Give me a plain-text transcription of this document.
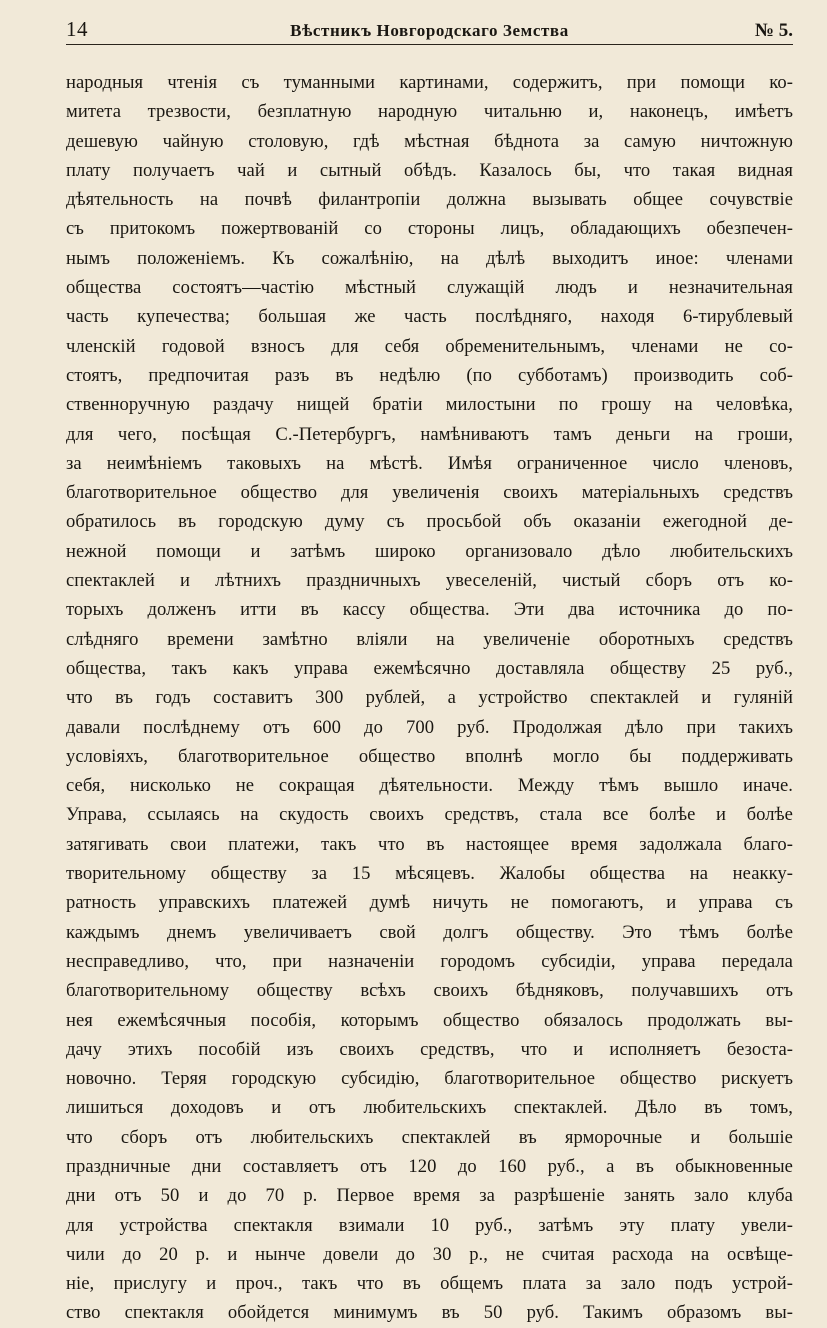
14	Вѣстникъ Новгородскаго Земства	№ 5.
народныя чтенія съ туманными картинами, содержитъ, при помощи ко-
митета трезвости, безплатную народную читальню и, наконецъ, имѣетъ
дешевую чайную столовую, гдѣ мѣстная бѣднота за самую ничтожную
плату получаетъ чай и сытный обѣдъ. Казалось бы, что такая видная
дѣятельность на почвѣ филантропіи должна вызывать общее сочувствіе
съ притокомъ пожертвованій со стороны лицъ, обладающихъ обезпечен-
нымъ положеніемъ. Къ сожалѣнію, на дѣлѣ выходитъ иное: членами
общества состоятъ—частію мѣстный служащій людъ и незначительная
часть купечества; большая же часть послѣдняго, находя 6-тирублевый
членскій годовой взносъ для себя обременительнымъ, членами не со-
стоятъ, предпочитая разъ въ недѣлю (по субботамъ) производить соб-
ственноручную раздачу нищей братіи милостыни по грошу на человѣка,
для чего, посѣщая С.-Петербургъ, намѣниваютъ тамъ деньги на гроши,
за неимѣніемъ таковыхъ на мѣстѣ. Имѣя ограниченное число членовъ,
благотворительное общество для увеличенія своихъ матеріальныхъ средствъ
обратилось въ городскую думу съ просьбой объ оказаніи ежегодной де-
нежной помощи и затѣмъ широко организовало дѣло любительскихъ
спектаклей и лѣтнихъ праздничныхъ увеселеній, чистый сборъ отъ ко-
торыхъ долженъ итти въ кассу общества. Эти два источника до по-
слѣдняго времени замѣтно вліяли на увеличеніе оборотныхъ средствъ
общества, такъ какъ управа ежемѣсячно доставляла обществу 25 руб.,
что въ годъ составитъ 300 рублей, а устройство спектаклей и гуляній
давали послѣднему отъ 600 до 700 руб. Продолжая дѣло при такихъ
условіяхъ, благотворительное общество вполнѣ могло бы поддерживать
себя, нисколько не сокращая дѣятельности. Между тѣмъ вышло иначе.
Управа, ссылаясь на скудость своихъ средствъ, стала все болѣе и болѣе
затягивать свои платежи, такъ что въ настоящее время задолжала благо-
творительному обществу за 15 мѣсяцевъ. Жалобы общества на неакку-
ратность управскихъ платежей думѣ ничуть не помогаютъ, и управа съ
каждымъ днемъ увеличиваетъ свой долгъ обществу. Это тѣмъ болѣе
несправедливо, что, при назначеніи городомъ субсидіи, управа передала
благотворительному обществу всѣхъ своихъ бѣдняковъ, получавшихъ отъ
нея ежемѣсячныя пособія, которымъ общество обязалось продолжать вы-
дачу этихъ пособій изъ своихъ средствъ, что и исполняетъ безоста-
новочно. Теряя городскую субсидію, благотворительное общество рискуетъ
лишиться доходовъ и отъ любительскихъ спектаклей. Дѣло въ томъ,
что сборъ отъ любительскихъ спектаклей въ ярморочные и большіе
праздничные дни составляетъ отъ 120 до 160 руб., а въ обыкновенные
дни отъ 50 и до 70 р. Первое время за разрѣшеніе занять зало клуба
для устройства спектакля взимали 10 руб., затѣмъ эту плату увели-
чили до 20 р. и нынче довели до 30 р., не считая расхода на освѣще-
ніе, прислугу и проч., такъ что въ общемъ плата за зало подъ устрой-
ство спектакля обойдется минимумъ въ 50 руб. Такимъ образомъ вы-
